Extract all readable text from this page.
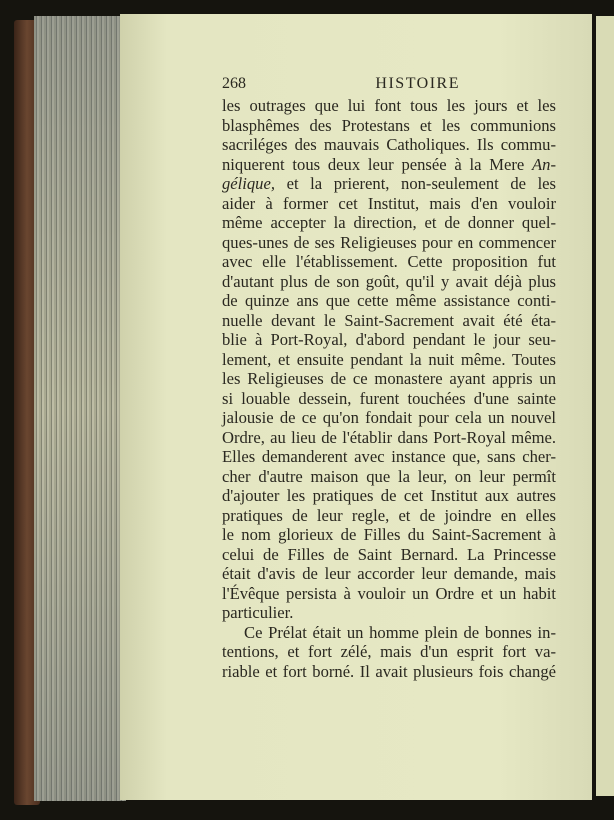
268	HISTOIRE
les outrages que lui font tous les jours et les
blasphêmes des Protestans et les communions
sacriléges des mauvais Catholiques. Ils commu-
niquerent tous deux leur pensée à la Mere An-
gélique, et la prierent, non-seulement de les
aider à former cet Institut, mais d'en vouloir
même accepter la direction, et de donner quel-
ques-unes de ses Religieuses pour en commencer
avec elle l'établissement. Cette proposition fut
d'autant plus de son goût, qu'il y avait déjà plus
de quinze ans que cette même assistance conti-
nuelle devant le Saint-Sacrement avait été éta-
blie à Port-Royal, d'abord pendant le jour seu-
lement, et ensuite pendant la nuit même. Toutes
les Religieuses de ce monastere ayant appris un
si louable dessein, furent touchées d'une sainte
jalousie de ce qu'on fondait pour cela un nouvel
Ordre, au lieu de l'établir dans Port-Royal même.
Elles demanderent avec instance que, sans cher-
cher d'autre maison que la leur, on leur permît
d'ajouter les pratiques de cet Institut aux autres
pratiques de leur regle, et de joindre en elles
le nom glorieux de Filles du Saint-Sacrement à
celui de Filles de Saint Bernard. La Princesse
était d'avis de leur accorder leur demande, mais
l'Évêque persista à vouloir un Ordre et un habit
particulier.
Ce Prélat était un homme plein de bonnes in-
tentions, et fort zélé, mais d'un esprit fort va-
riable et fort borné. Il avait plusieurs fois changé
